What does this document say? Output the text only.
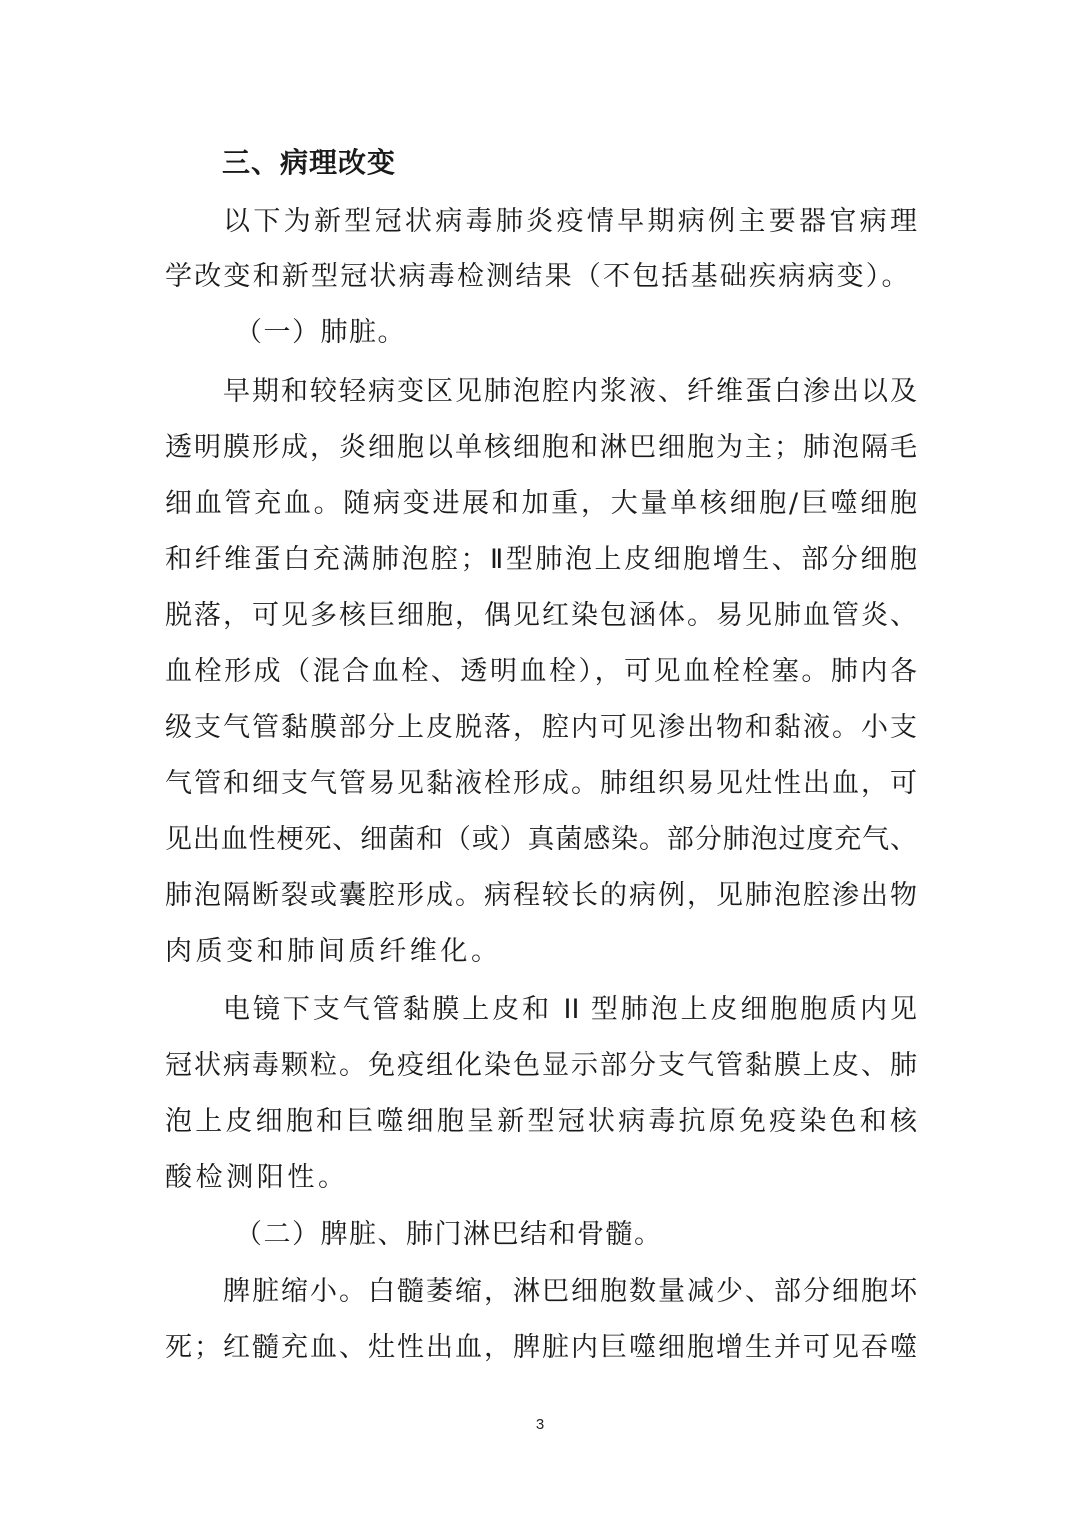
三、病理改变
以下为新型冠状病毒肺炎疫情早期病例主要器官病理
学改变和新型冠状病毒检测结果（不包括基础疾病病变）。
（一）肺脏。
早期和较轻病变区见肺泡腔内浆液、纤维蛋白渗出以及
透明膜形成，炎细胞以单核细胞和淋巴细胞为主；肺泡隔毛
细血管充血。随病变进展和加重，大量单核细胞/巨噬细胞
和纤维蛋白充满肺泡腔；Ⅱ型肺泡上皮细胞增生、部分细胞
脱落，可见多核巨细胞，偶见红染包涵体。易见肺血管炎、
血栓形成（混合血栓、透明血栓），可见血栓栓塞。肺内各
级支气管黏膜部分上皮脱落，腔内可见渗出物和黏液。小支
气管和细支气管易见黏液栓形成。肺组织易见灶性出血，可
见出血性梗死、细菌和（或）真菌感染。部分肺泡过度充气、
肺泡隔断裂或囊腔形成。病程较长的病例，见肺泡腔渗出物
肉质变和肺间质纤维化。
电镜下支气管黏膜上皮和 II 型肺泡上皮细胞胞质内见
冠状病毒颗粒。免疫组化染色显示部分支气管黏膜上皮、肺
泡上皮细胞和巨噬细胞呈新型冠状病毒抗原免疫染色和核
酸检测阳性。
（二）脾脏、肺门淋巴结和骨髓。
脾脏缩小。白髓萎缩，淋巴细胞数量减少、部分细胞坏
死；红髓充血、灶性出血，脾脏内巨噬细胞增生并可见吞噬
3
